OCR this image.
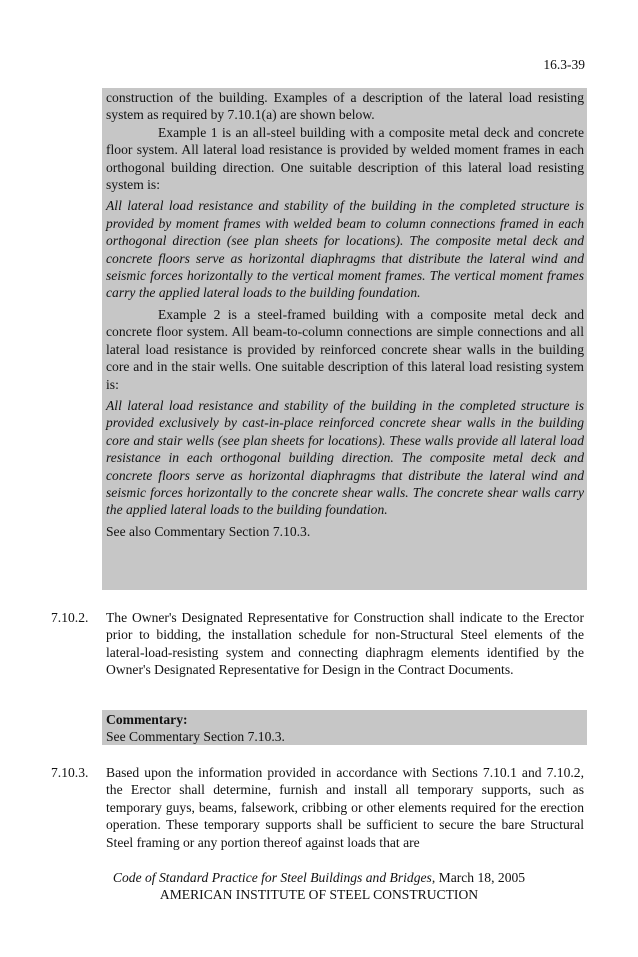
16.3-39

construction of the building. Examples of a description of the lateral load resisting system as required by 7.10.1(a) are shown below.

Example 1 is an all-steel building with a composite metal deck and concrete floor system. All lateral load resistance is provided by welded moment frames in each orthogonal building direction. One suitable description of this lateral load resisting system is:

All lateral load resistance and stability of the building in the completed structure is provided by moment frames with welded beam to column connections framed in each orthogonal direction (see plan sheets for locations). The composite metal deck and concrete floors serve as horizontal diaphragms that distribute the lateral wind and seismic forces horizontally to the vertical moment frames. The vertical moment frames carry the applied lateral loads to the building foundation.

Example 2 is a steel-framed building with a composite metal deck and concrete floor system. All beam-to-column connections are simple connections and all lateral load resistance is provided by reinforced concrete shear walls in the building core and in the stair wells. One suitable description of this lateral load resisting system is:

All lateral load resistance and stability of the building in the completed structure is provided exclusively by cast-in-place reinforced concrete shear walls in the building core and stair wells (see plan sheets for locations). These walls provide all lateral load resistance in each orthogonal building direction. The composite metal deck and concrete floors serve as horizontal diaphragms that distribute the lateral wind and seismic forces horizontally to the concrete shear walls. The concrete shear walls carry the applied lateral loads to the building foundation.

See also Commentary Section 7.10.3.

7.10.2. The Owner's Designated Representative for Construction shall indicate to the Erector prior to bidding, the installation schedule for non-Structural Steel elements of the lateral-load-resisting system and connecting diaphragm elements identified by the Owner's Designated Representative for Design in the Contract Documents.

Commentary:

See Commentary Section 7.10.3.

7.10.3. Based upon the information provided in accordance with Sections 7.10.1 and 7.10.2, the Erector shall determine, furnish and install all temporary supports, such as temporary guys, beams, falsework, cribbing or other elements required for the erection operation. These temporary supports shall be sufficient to secure the bare Structural Steel framing or any portion thereof against loads that are
Code of Standard Practice for Steel Buildings and Bridges, March 18, 2005
AMERICAN INSTITUTE OF STEEL CONSTRUCTION
